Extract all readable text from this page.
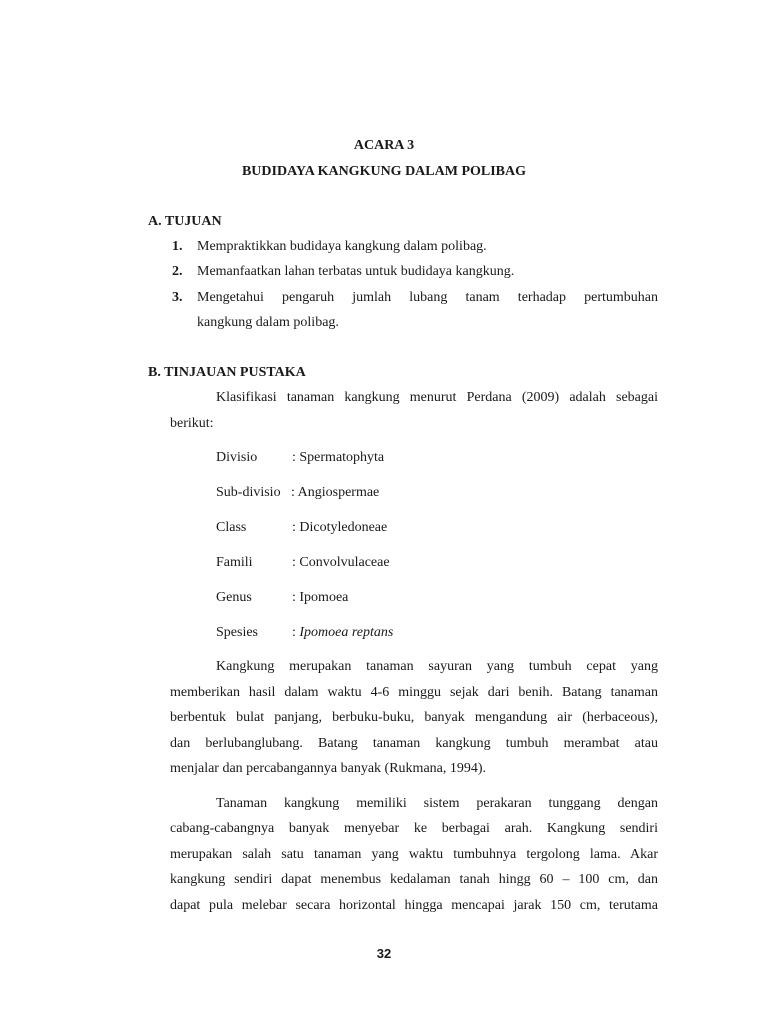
ACARA 3
BUDIDAYA KANGKUNG DALAM POLIBAG
A. TUJUAN
1. Mempraktikkan budidaya kangkung dalam polibag.
2. Memanfaatkan lahan terbatas untuk budidaya kangkung.
3. Mengetahui pengaruh jumlah lubang tanam terhadap pertumbuhan
kangkung dalam polibag.
B. TINJAUAN PUSTAKA
Klasifikasi tanaman kangkung menurut Perdana (2009) adalah sebagai
berikut:
Divisio : Spermatophyta
Sub-divisio : Angiospermae
Class	: Dicotyledoneae
Famili	: Convolvulaceae
Genus	: Ipomoea
Spesies : Ipomoea reptans
Kangkung merupakan tanaman sayuran yang tumbuh cepat yang
memberikan hasil dalam waktu 4-6 minggu sejak dari benih. Batang tanaman
berbentuk bulat panjang, berbuku-buku, banyak mengandung air (herbaceous),
dan berlubanglubang. Batang tanaman kangkung tumbuh merambat atau
menjalar dan percabangannya banyak (Rukmana, 1994).
Tanaman kangkung memiliki sistem perakaran tunggang dengan
cabang-cabangnya banyak menyebar ke berbagai arah. Kangkung sendiri
merupakan salah satu tanaman yang waktu tumbuhnya tergolong lama. Akar
kangkung sendiri dapat menembus kedalaman tanah hingg 60 – 100 cm, dan
dapat pula melebar secara horizontal hingga mencapai jarak 150 cm, terutama
32
